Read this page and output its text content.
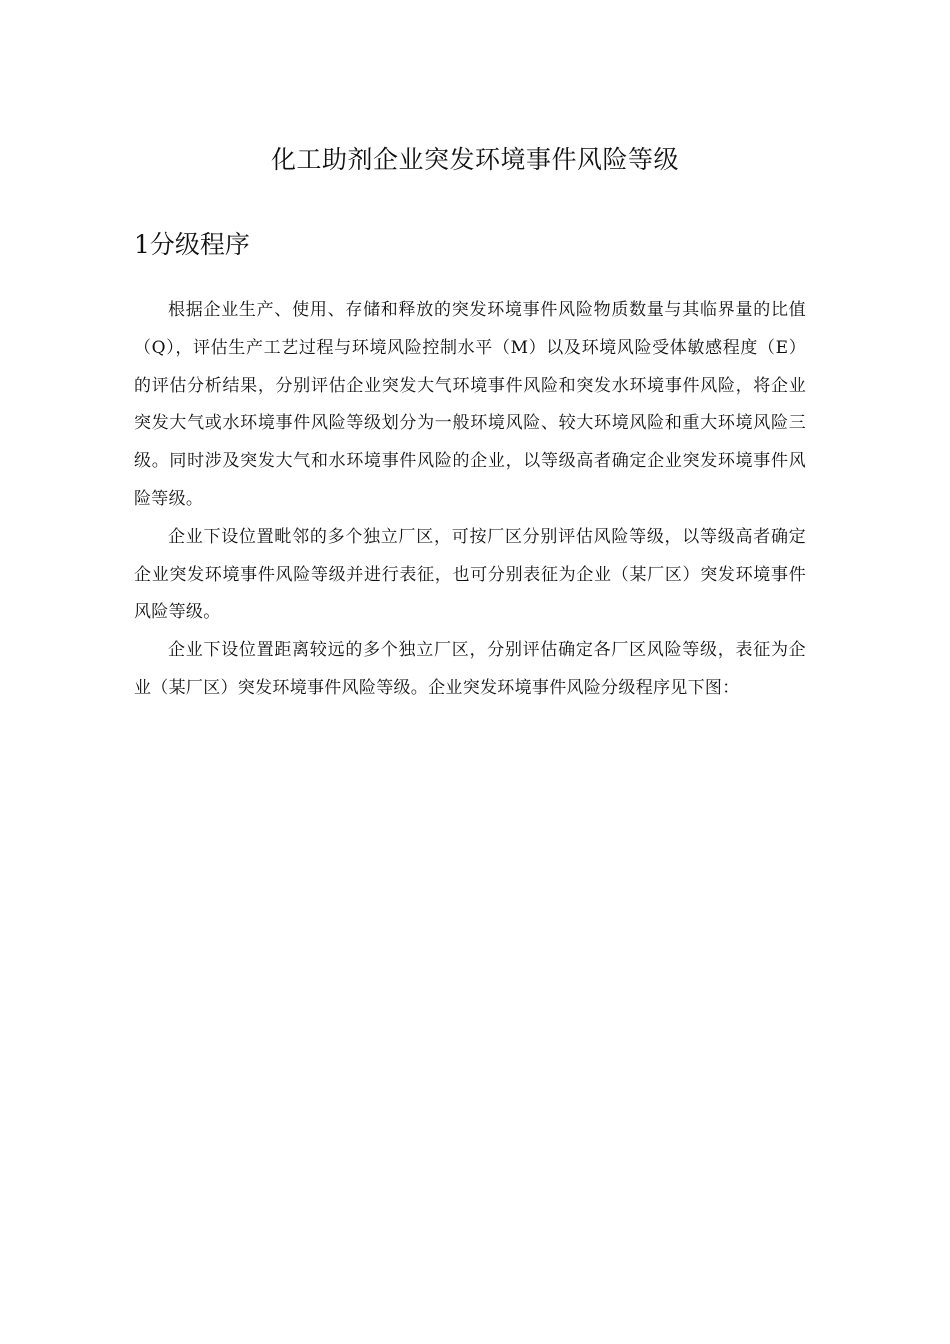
化工助剂企业突发环境事件风险等级
1分级程序

根据企业生产、使用、存储和释放的突发环境事件风险物质数量与其临界量的比值（Q），评估生产工艺过程与环境风险控制水平（M）以及环境风险受体敏感程度（E）的评估分析结果，分别评估企业突发大气环境事件风险和突发水环境事件风险，将企业突发大气或水环境事件风险等级划分为一般环境风险、较大环境风险和重大环境风险三级。同时涉及突发大气和水环境事件风险的企业，以等级高者确定企业突发环境事件风险等级。

企业下设位置毗邻的多个独立厂区，可按厂区分别评估风险等级，以等级高者确定企业突发环境事件风险等级并进行表征，也可分别表征为企业（某厂区）突发环境事件风险等级。

企业下设位置距离较远的多个独立厂区，分别评估确定各厂区风险等级，表征为企业（某厂区）突发环境事件风险等级。企业突发环境事件风险分级程序见下图：
